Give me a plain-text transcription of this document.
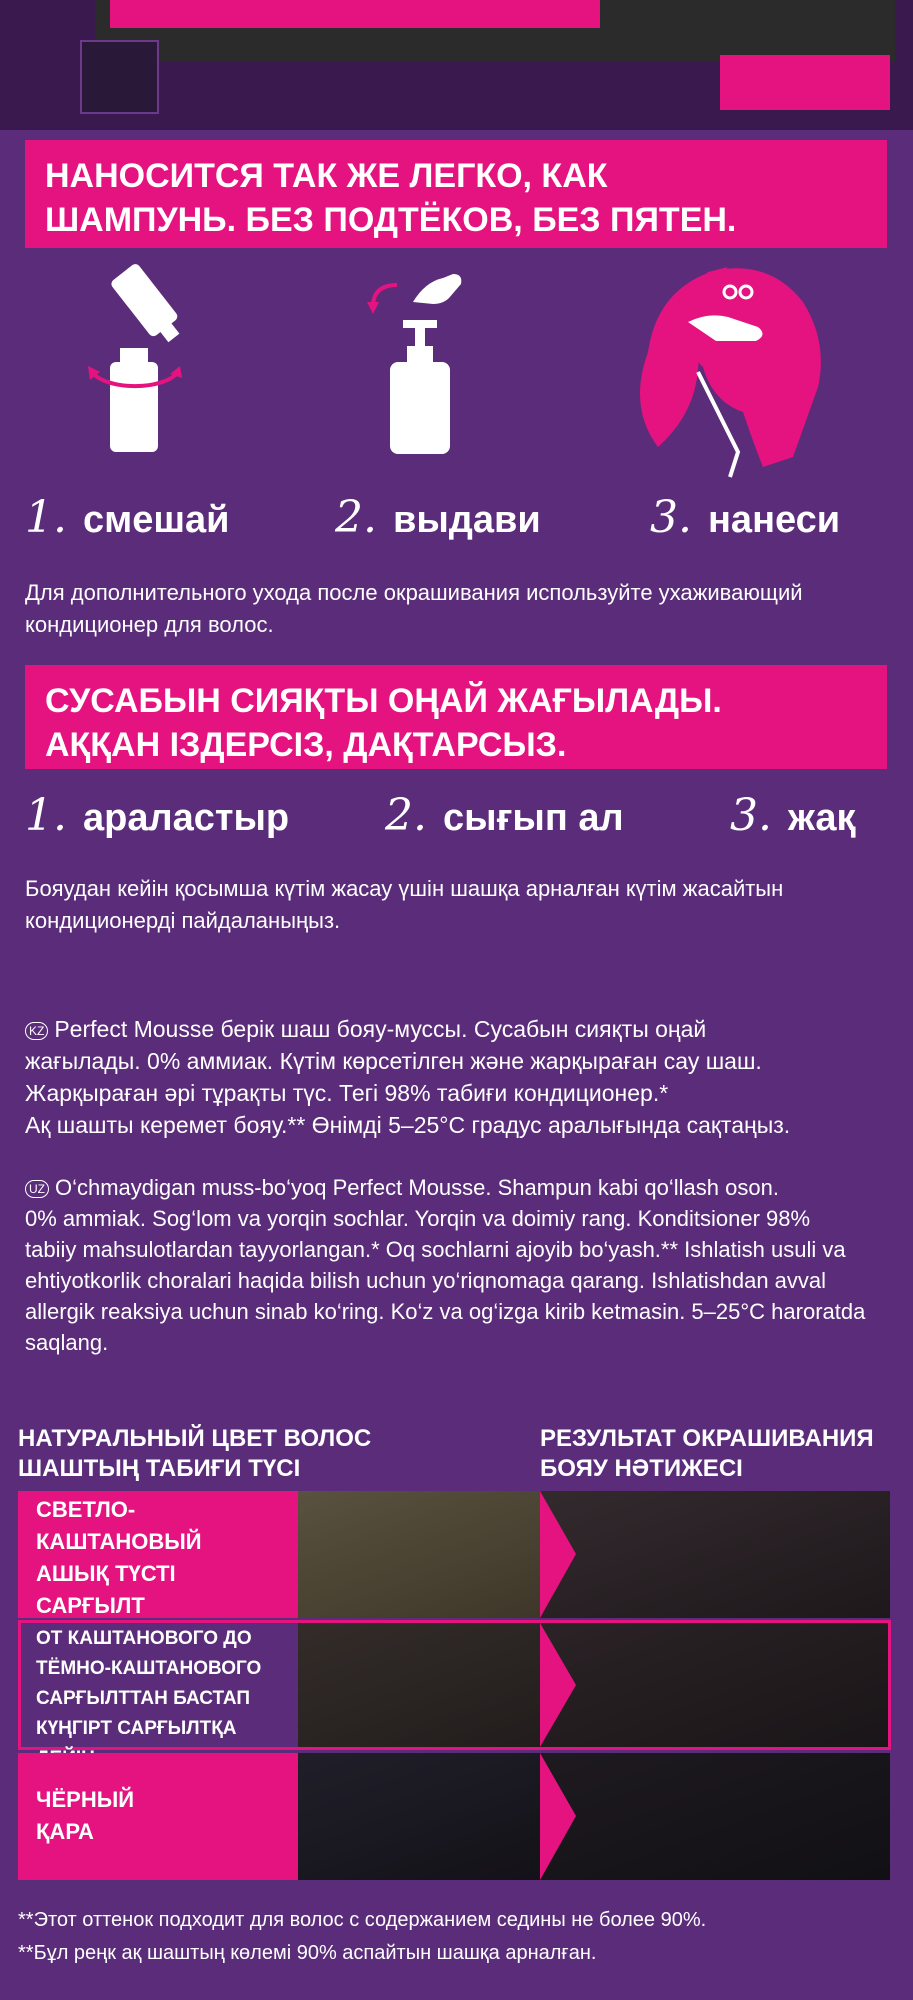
НАНОСИТСЯ ТАК ЖЕ ЛЕГКО, КАК
ШАМПУНЬ. БЕЗ ПОДТЁКОВ, БЕЗ ПЯТЕН.
1. смешай 2. выдави 3. нанеси
Для дополнительного ухода после окрашивания используйте ухаживающий
кондиционер для волос.
СУСАБЫН СИЯҚТЫ ОҢАЙ ЖАҒЫЛАДЫ.
АҚҚАН ІЗДЕРСІЗ, ДАҚТАРСЫЗ.
1. араластыр 2. сығып ал 3. жақ
Бояудан кейін қосымша күтім жасау үшін шашқа арналған күтім жасайтын
кондиционерді пайдаланыңыз.
KZ Perfect Mousse берік шаш бояу-муссы. Сусабын сияқты оңай
жағылады. 0% аммиак. Күтім көрсетілген және жарқыраған сау шаш.
Жарқыраған әрі тұрақты түс. Тегі 98% табиғи кондиционер.*
Ақ шашты керемет бояу.** Өнімді 5–25°С градус аралығында сақтаңыз.
UZ O‘chmaydigan muss-bo‘yoq Perfect Mousse. Shampun kabi qo‘llash oson.
0% ammiak. Sog‘lom va yorqin sochlar. Yorqin va doimiy rang. Konditsioner 98%
tabiiy mahsulotlardan tayyorlangan.* Oq sochlarni ajoyib bo‘yash.** Ishlatish usuli va
ehtiyotkorlik choralari haqida bilish uchun yo‘riqnomaga qarang. Ishlatishdan avval
allergik reaksiya uchun sinab ko‘ring. Ko‘z va og‘izga kirib ketmasin. 5–25°C haroratda
saqlang.
НАТУРАЛЬНЫЙ ЦВЕТ ВОЛОС
ШАШТЫҢ ТАБИҒИ ТҮСІ
РЕЗУЛЬТАТ ОКРАШИВАНИЯ
БОЯУ НӘТИЖЕСІ
СВЕТЛО-
КАШТАНОВЫЙ
АШЫҚ ТҮСТІ
САРҒЫЛТ
ОТ КАШТАНОВОГО ДО
ТЁМНО-КАШТАНОВОГО
САРҒЫЛТТАН БАСТАП
КҮҢГІРТ САРҒЫЛТҚА
ЧЁРНЫЙ
ҚАРА
**Этот оттенок подходит для волос с содержанием седины не более 90%.
**Бұл реңк ақ шаштың көлемі 90% аспайтын шашқа арналған.
